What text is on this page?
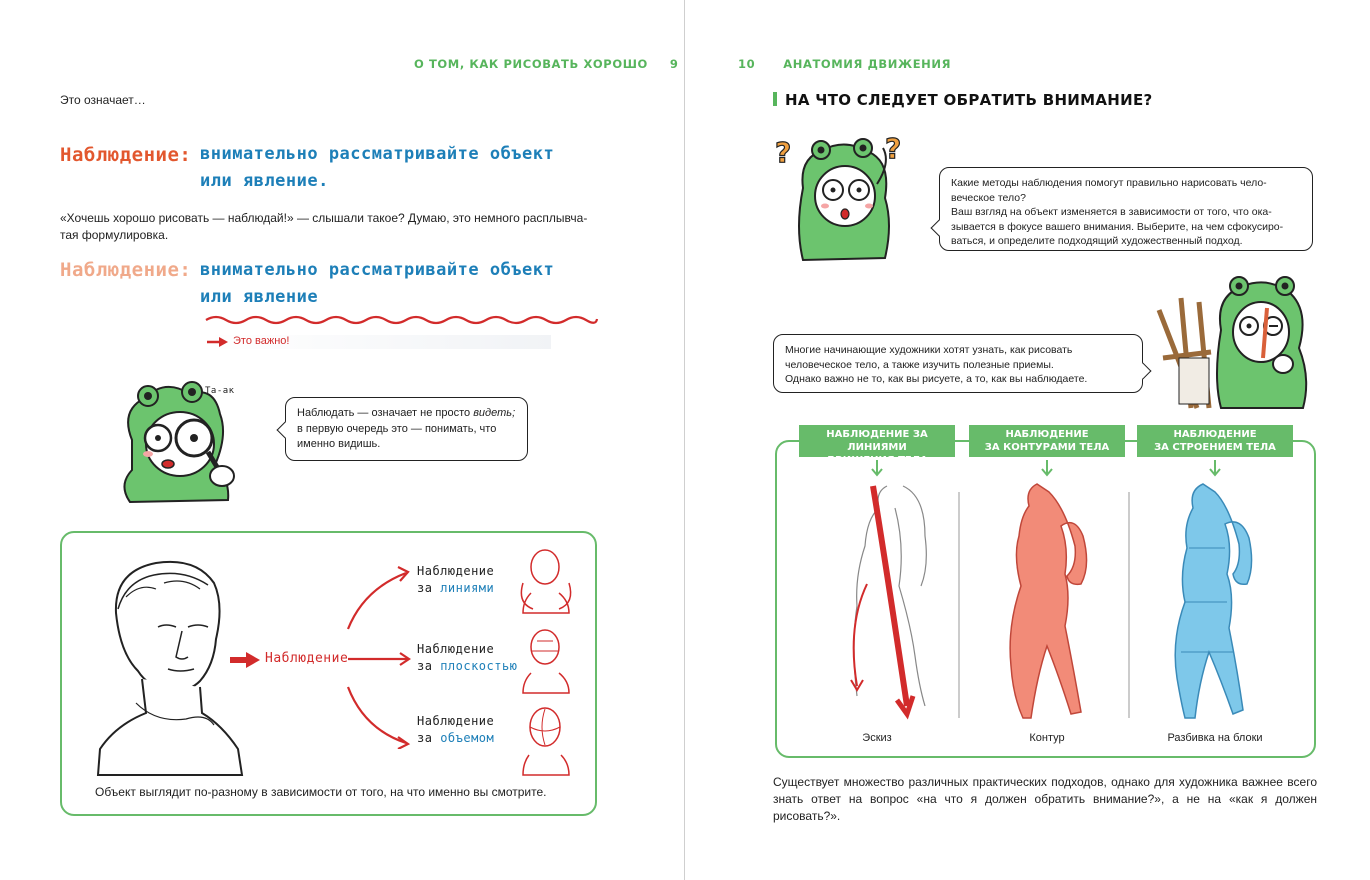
О ТОМ, КАК РИСОВАТЬ ХОРОШО 9
Это означает…
Наблюдение: внимательно рассматривайте объект
или явление.
«Хочешь хорошо рисовать — наблюдай!» — слышали такое? Думаю, это немного расплывча-
тая формулировка.
Наблюдение: внимательно рассматривайте объект
или явление
Это важно!
Та-ак
Наблюдать — означает не просто видеть;
в первую очередь это — понимать, что
именно видишь.
Наблюдение
Наблюдение
за линиями
Наблюдение
за плоскостью
Наблюдение
за объемом
Объект выглядит по-разному в зависимости от того, на что именно вы смотрите.
10 АНАТОМИЯ ДВИЖЕНИЯ
НА ЧТО СЛЕДУЕТ ОБРАТИТЬ ВНИМАНИЕ?
?	?
Какие методы наблюдения помогут правильно нарисовать чело-
веческое тело?
Ваш взгляд на объект изменяется в зависимости от того, что ока-
зывается в фокусе вашего внимания. Выберите, на чем сфокусиро-
ваться, и определите подходящий художественный подход.
Многие начинающие художники хотят узнать, как рисовать
человеческое тело, а также изучить полезные приемы.
Однако важно не то, как вы рисуете, а то, как вы наблюдаете.
НАБЛЮДЕНИЕ ЗА ЛИНИЯМИ
ДВИЖЕНИЯ ТЕЛА
НАБЛЮДЕНИЕ
ЗА КОНТУРАМИ ТЕЛА
НАБЛЮДЕНИЕ
ЗА СТРОЕНИЕМ ТЕЛА
Эскиз	Контур	Разбивка на блоки
Существует множество различных практических подходов, однако для художника важнее всего знать ответ на вопрос «на что я должен обратить внимание?», а не на «как я должен рисовать?».
